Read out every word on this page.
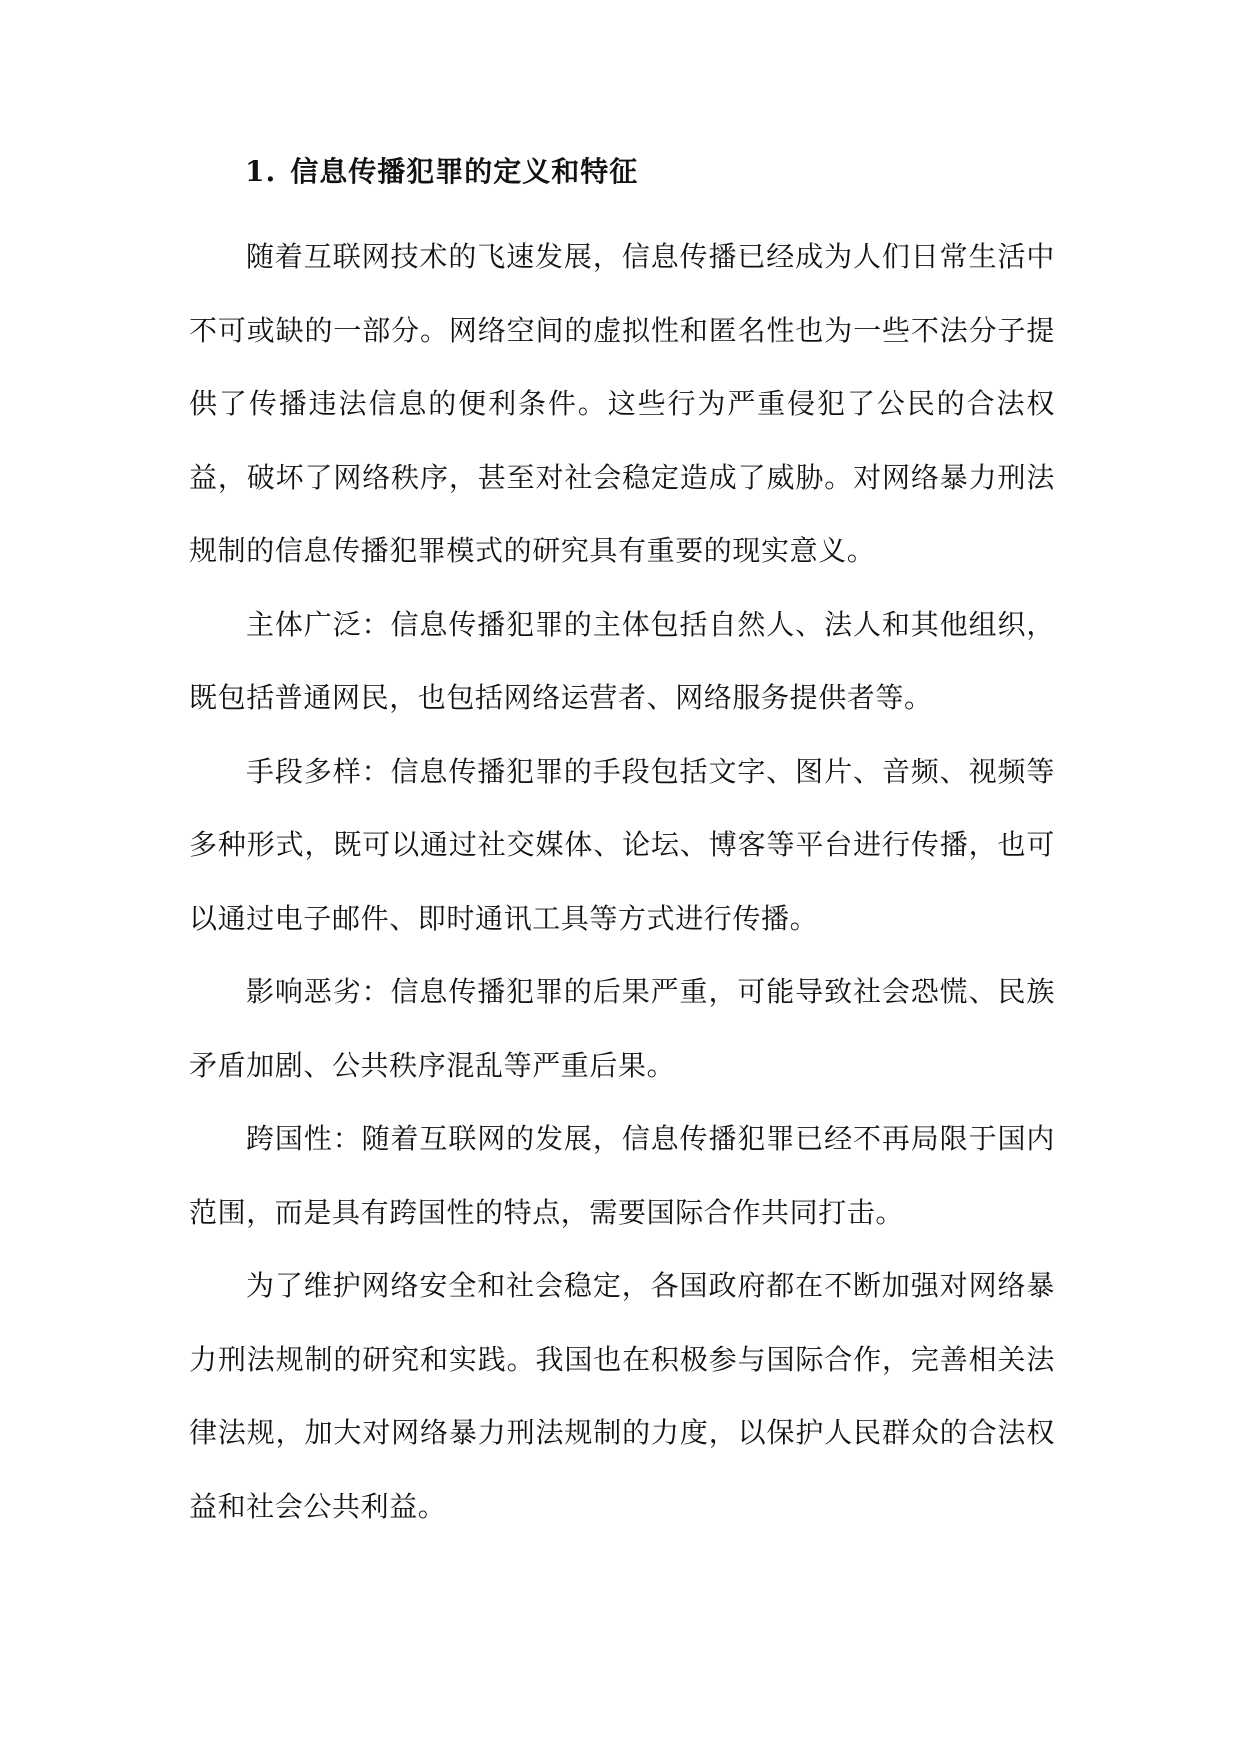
1. 信息传播犯罪的定义和特征

随着互联网技术的飞速发展，信息传播已经成为人们日常生活中不可或缺的一部分。网络空间的虚拟性和匿名性也为一些不法分子提供了传播违法信息的便利条件。这些行为严重侵犯了公民的合法权益，破坏了网络秩序，甚至对社会稳定造成了威胁。对网络暴力刑法规制的信息传播犯罪模式的研究具有重要的现实意义。

主体广泛：信息传播犯罪的主体包括自然人、法人和其他组织，既包括普通网民，也包括网络运营者、网络服务提供者等。

手段多样：信息传播犯罪的手段包括文字、图片、音频、视频等多种形式，既可以通过社交媒体、论坛、博客等平台进行传播，也可以通过电子邮件、即时通讯工具等方式进行传播。

影响恶劣：信息传播犯罪的后果严重，可能导致社会恐慌、民族矛盾加剧、公共秩序混乱等严重后果。

跨国性：随着互联网的发展，信息传播犯罪已经不再局限于国内范围，而是具有跨国性的特点，需要国际合作共同打击。

为了维护网络安全和社会稳定，各国政府都在不断加强对网络暴力刑法规制的研究和实践。我国也在积极参与国际合作，完善相关法律法规，加大对网络暴力刑法规制的力度，以保护人民群众的合法权益和社会公共利益。
